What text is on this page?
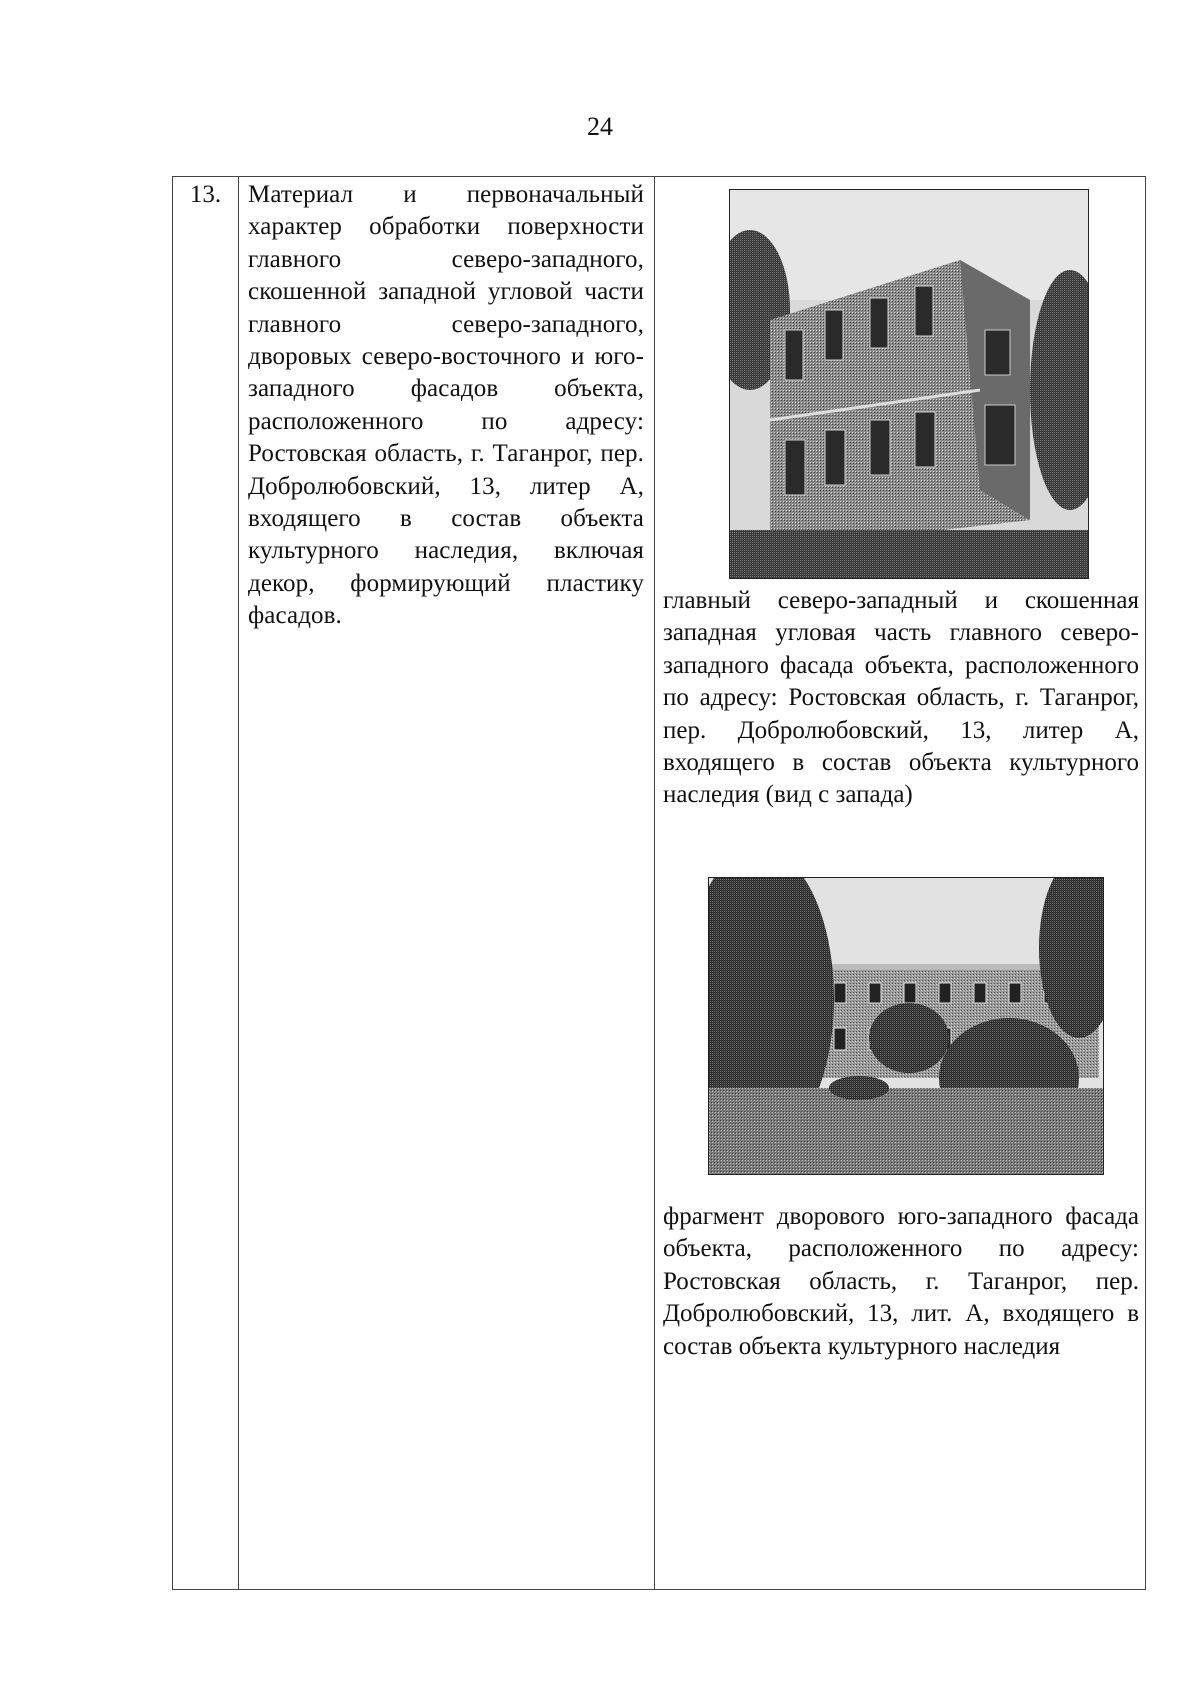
24
13.	Материал и первоначальный характер обработки поверхности главного северо-западного, скошенной западной угловой части главного северо-западного, дворовых северо-восточного и юго-западного фасадов объекта, расположенного по адресу: Ростовская область, г. Таганрог, пер. Добролюбовский, 13, литер А, входящего в состав объекта культурного наследия, включая декор, формирующий пластику фасадов.
главный северо-западный и скошенная западная угловая часть главного северо-западного фасада объекта, расположенного по адресу: Ростовская область, г. Таганрог, пер. Добролюбовский, 13, литер А, входящего в состав объекта культурного наследия (вид с запада)
фрагмент дворового юго-западного фасада объекта, расположенного по адресу: Ростовская область, г. Таганрог, пер. Добролюбовский, 13, лит. А, входящего в состав объекта культурного наследия
